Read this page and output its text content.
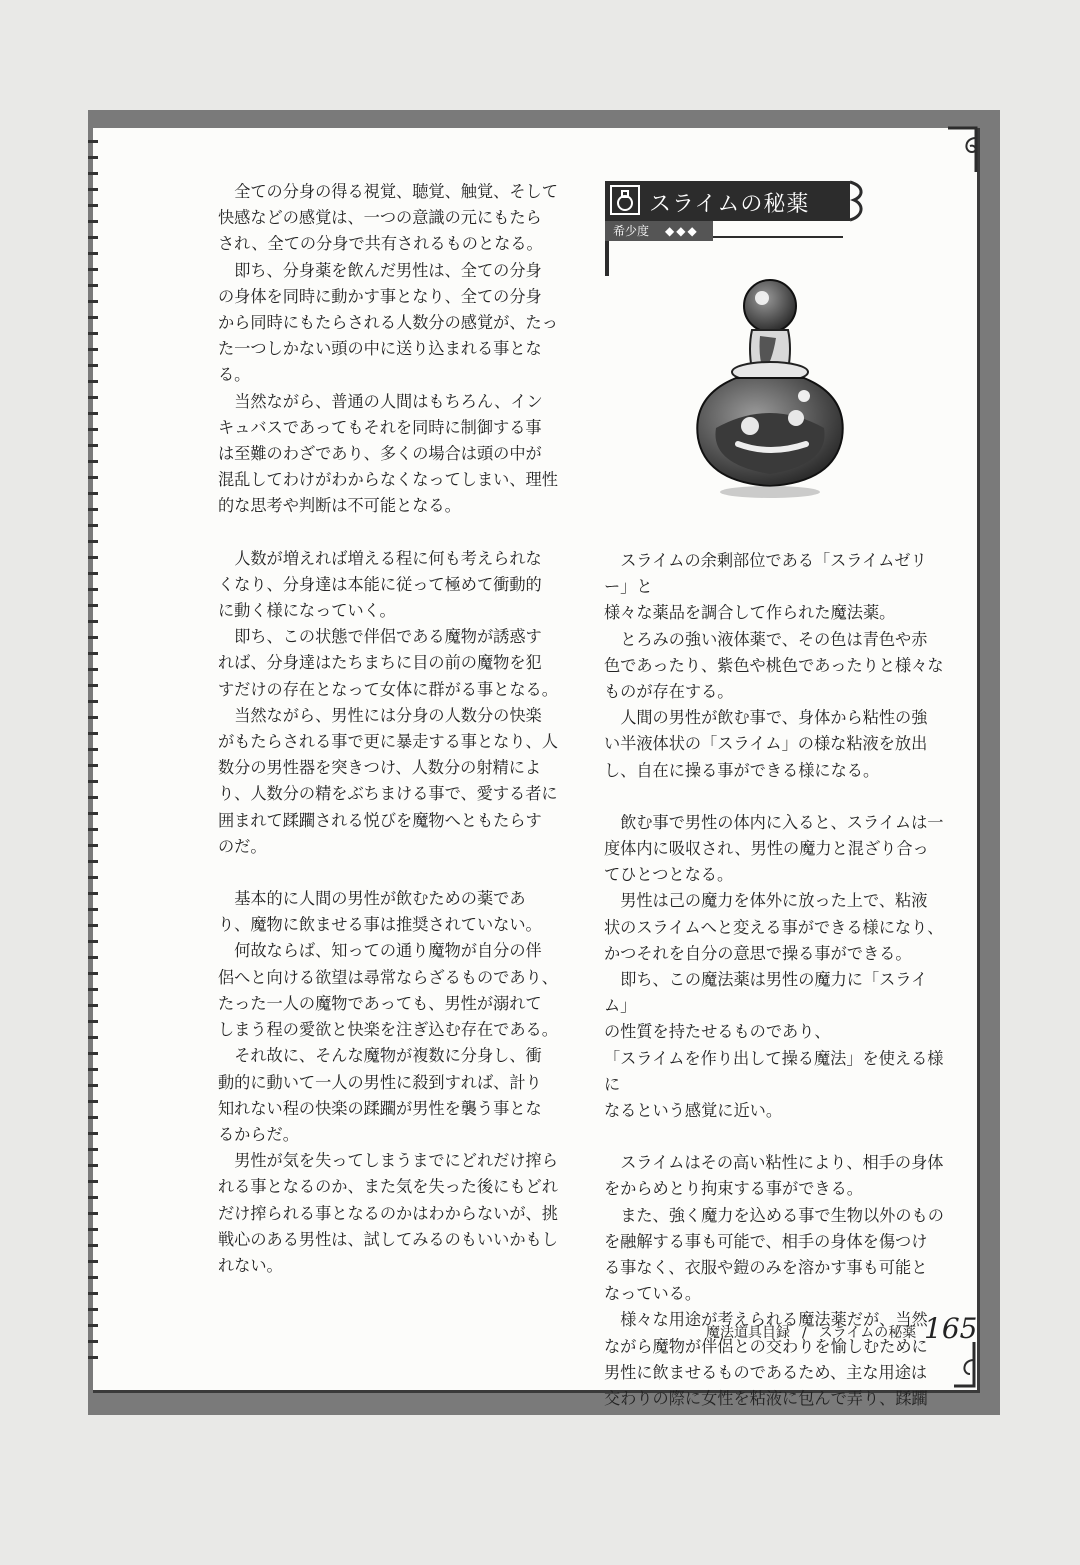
全ての分身の得る視覚、聴覚、触覚、そして
快感などの感覚は、一つの意識の元にもたら
され、全ての分身で共有されるものとなる。

即ち、分身薬を飲んだ男性は、全ての分身
の身体を同時に動かす事となり、全ての分身
から同時にもたらされる人数分の感覚が、たっ
た一つしかない頭の中に送り込まれる事とな
る。

当然ながら、普通の人間はもちろん、イン
キュバスであってもそれを同時に制御する事
は至難のわざであり、多くの場合は頭の中が
混乱してわけがわからなくなってしまい、理性
的な思考や判断は不可能となる。

人数が増えれば増える程に何も考えられな
くなり、分身達は本能に従って極めて衝動的
に動く様になっていく。

即ち、この状態で伴侶である魔物が誘惑す
れば、分身達はたちまちに目の前の魔物を犯
すだけの存在となって女体に群がる事となる。

当然ながら、男性には分身の人数分の快楽
がもたらされる事で更に暴走する事となり、人
数分の男性器を突きつけ、人数分の射精によ
り、人数分の精をぶちまける事で、愛する者に
囲まれて蹂躙される悦びを魔物へともたらす
のだ。

基本的に人間の男性が飲むための薬であ
り、魔物に飲ませる事は推奨されていない。

何故ならば、知っての通り魔物が自分の伴
侶へと向ける欲望は尋常ならざるものであり、
たった一人の魔物であっても、男性が溺れて
しまう程の愛欲と快楽を注ぎ込む存在である。

それ故に、そんな魔物が複数に分身し、衝
動的に動いて一人の男性に殺到すれば、計り
知れない程の快楽の蹂躙が男性を襲う事とな
るからだ。

男性が気を失ってしまうまでにどれだけ搾ら
れる事となるのか、また気を失った後にもどれ
だけ搾られる事となるのかはわからないが、挑
戦心のある男性は、試してみるのもいいかもし
れない。

スライムの秘薬
希少度 ◆◆◆

スライムの余剰部位である「スライムゼリー」と
様々な薬品を調合して作られた魔法薬。

とろみの強い液体薬で、その色は青色や赤
色であったり、紫色や桃色であったりと様々な
ものが存在する。

人間の男性が飲む事で、身体から粘性の強
い半液体状の「スライム」の様な粘液を放出
し、自在に操る事ができる様になる。

飲む事で男性の体内に入ると、スライムは一
度体内に吸収され、男性の魔力と混ざり合っ
てひとつとなる。

男性は己の魔力を体外に放った上で、粘液
状のスライムへと変える事ができる様になり、
かつそれを自分の意思で操る事ができる。

即ち、この魔法薬は男性の魔力に「スライム」
の性質を持たせるものであり、

「スライムを作り出して操る魔法」を使える様に
なるという感覚に近い。

スライムはその高い粘性により、相手の身体
をからめとり拘束する事ができる。

また、強く魔力を込める事で生物以外のもの
を融解する事も可能で、相手の身体を傷つけ
る事なく、衣服や鎧のみを溶かす事も可能と
なっている。

様々な用途が考えられる魔法薬だが、当然
ながら魔物が伴侶との交わりを愉しむために
男性に飲ませるものであるため、主な用途は
交わりの際に女性を粘液に包んで弄り、蹂躙

魔法道具目録 / スライムの秘薬 165
